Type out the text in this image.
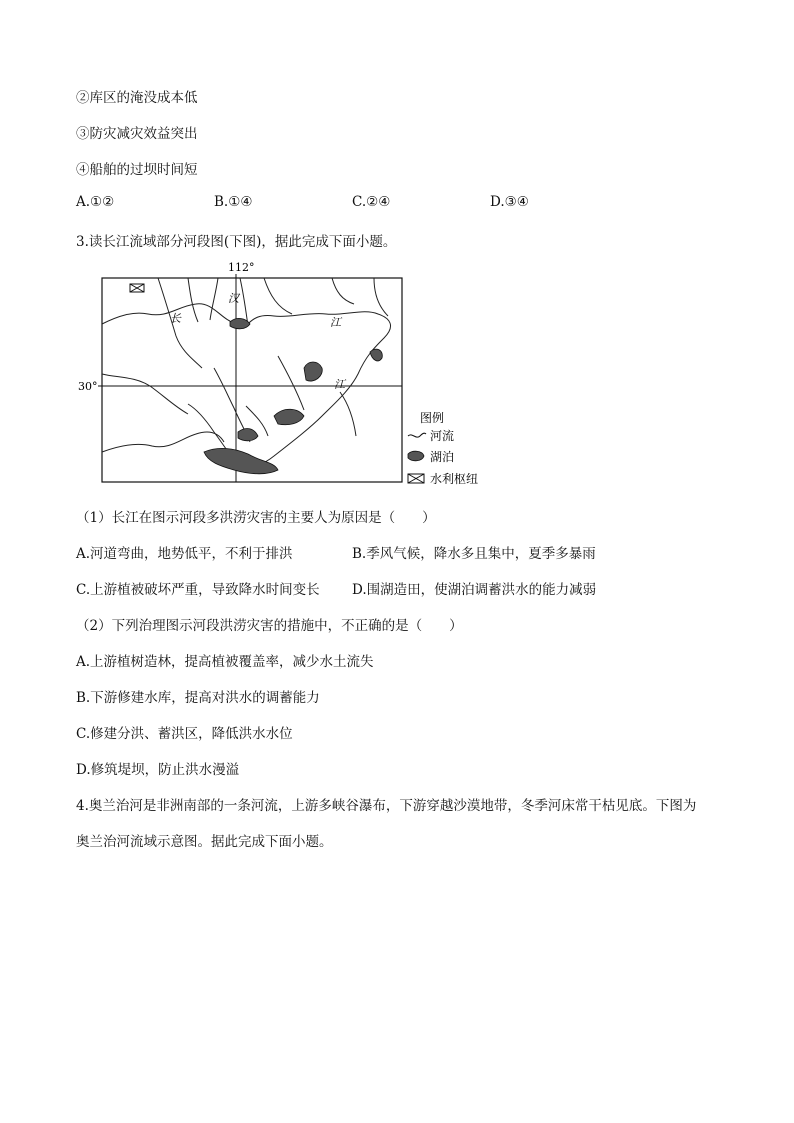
②库区的淹没成本低
③防灾减灾效益突出
④船舶的过坝时间短
A.①②	B.①④	C.②④	D.③④
3.读长江流域部分河段图(下图)，据此完成下面小题。
112°
30°
汉
长	江
江
图例
河流
湖泊
水利枢纽
（1）长江在图示河段多洪涝灾害的主要人为原因是（　　）
A.河道弯曲，地势低平，不利于排洪	B.季风气候，降水多且集中，夏季多暴雨
C.上游植被破坏严重，导致降水时间变长 D.围湖造田，使湖泊调蓄洪水的能力减弱
（2）下列治理图示河段洪涝灾害的措施中，不正确的是（　　）
A.上游植树造林，提高植被覆盖率，减少水土流失
B.下游修建水库，提高对洪水的调蓄能力
C.修建分洪、蓄洪区，降低洪水水位
D.修筑堤坝，防止洪水漫溢
4.奥兰治河是非洲南部的一条河流，上游多峡谷瀑布，下游穿越沙漠地带，冬季河床常干枯见底。下图为
奥兰治河流域示意图。据此完成下面小题。
